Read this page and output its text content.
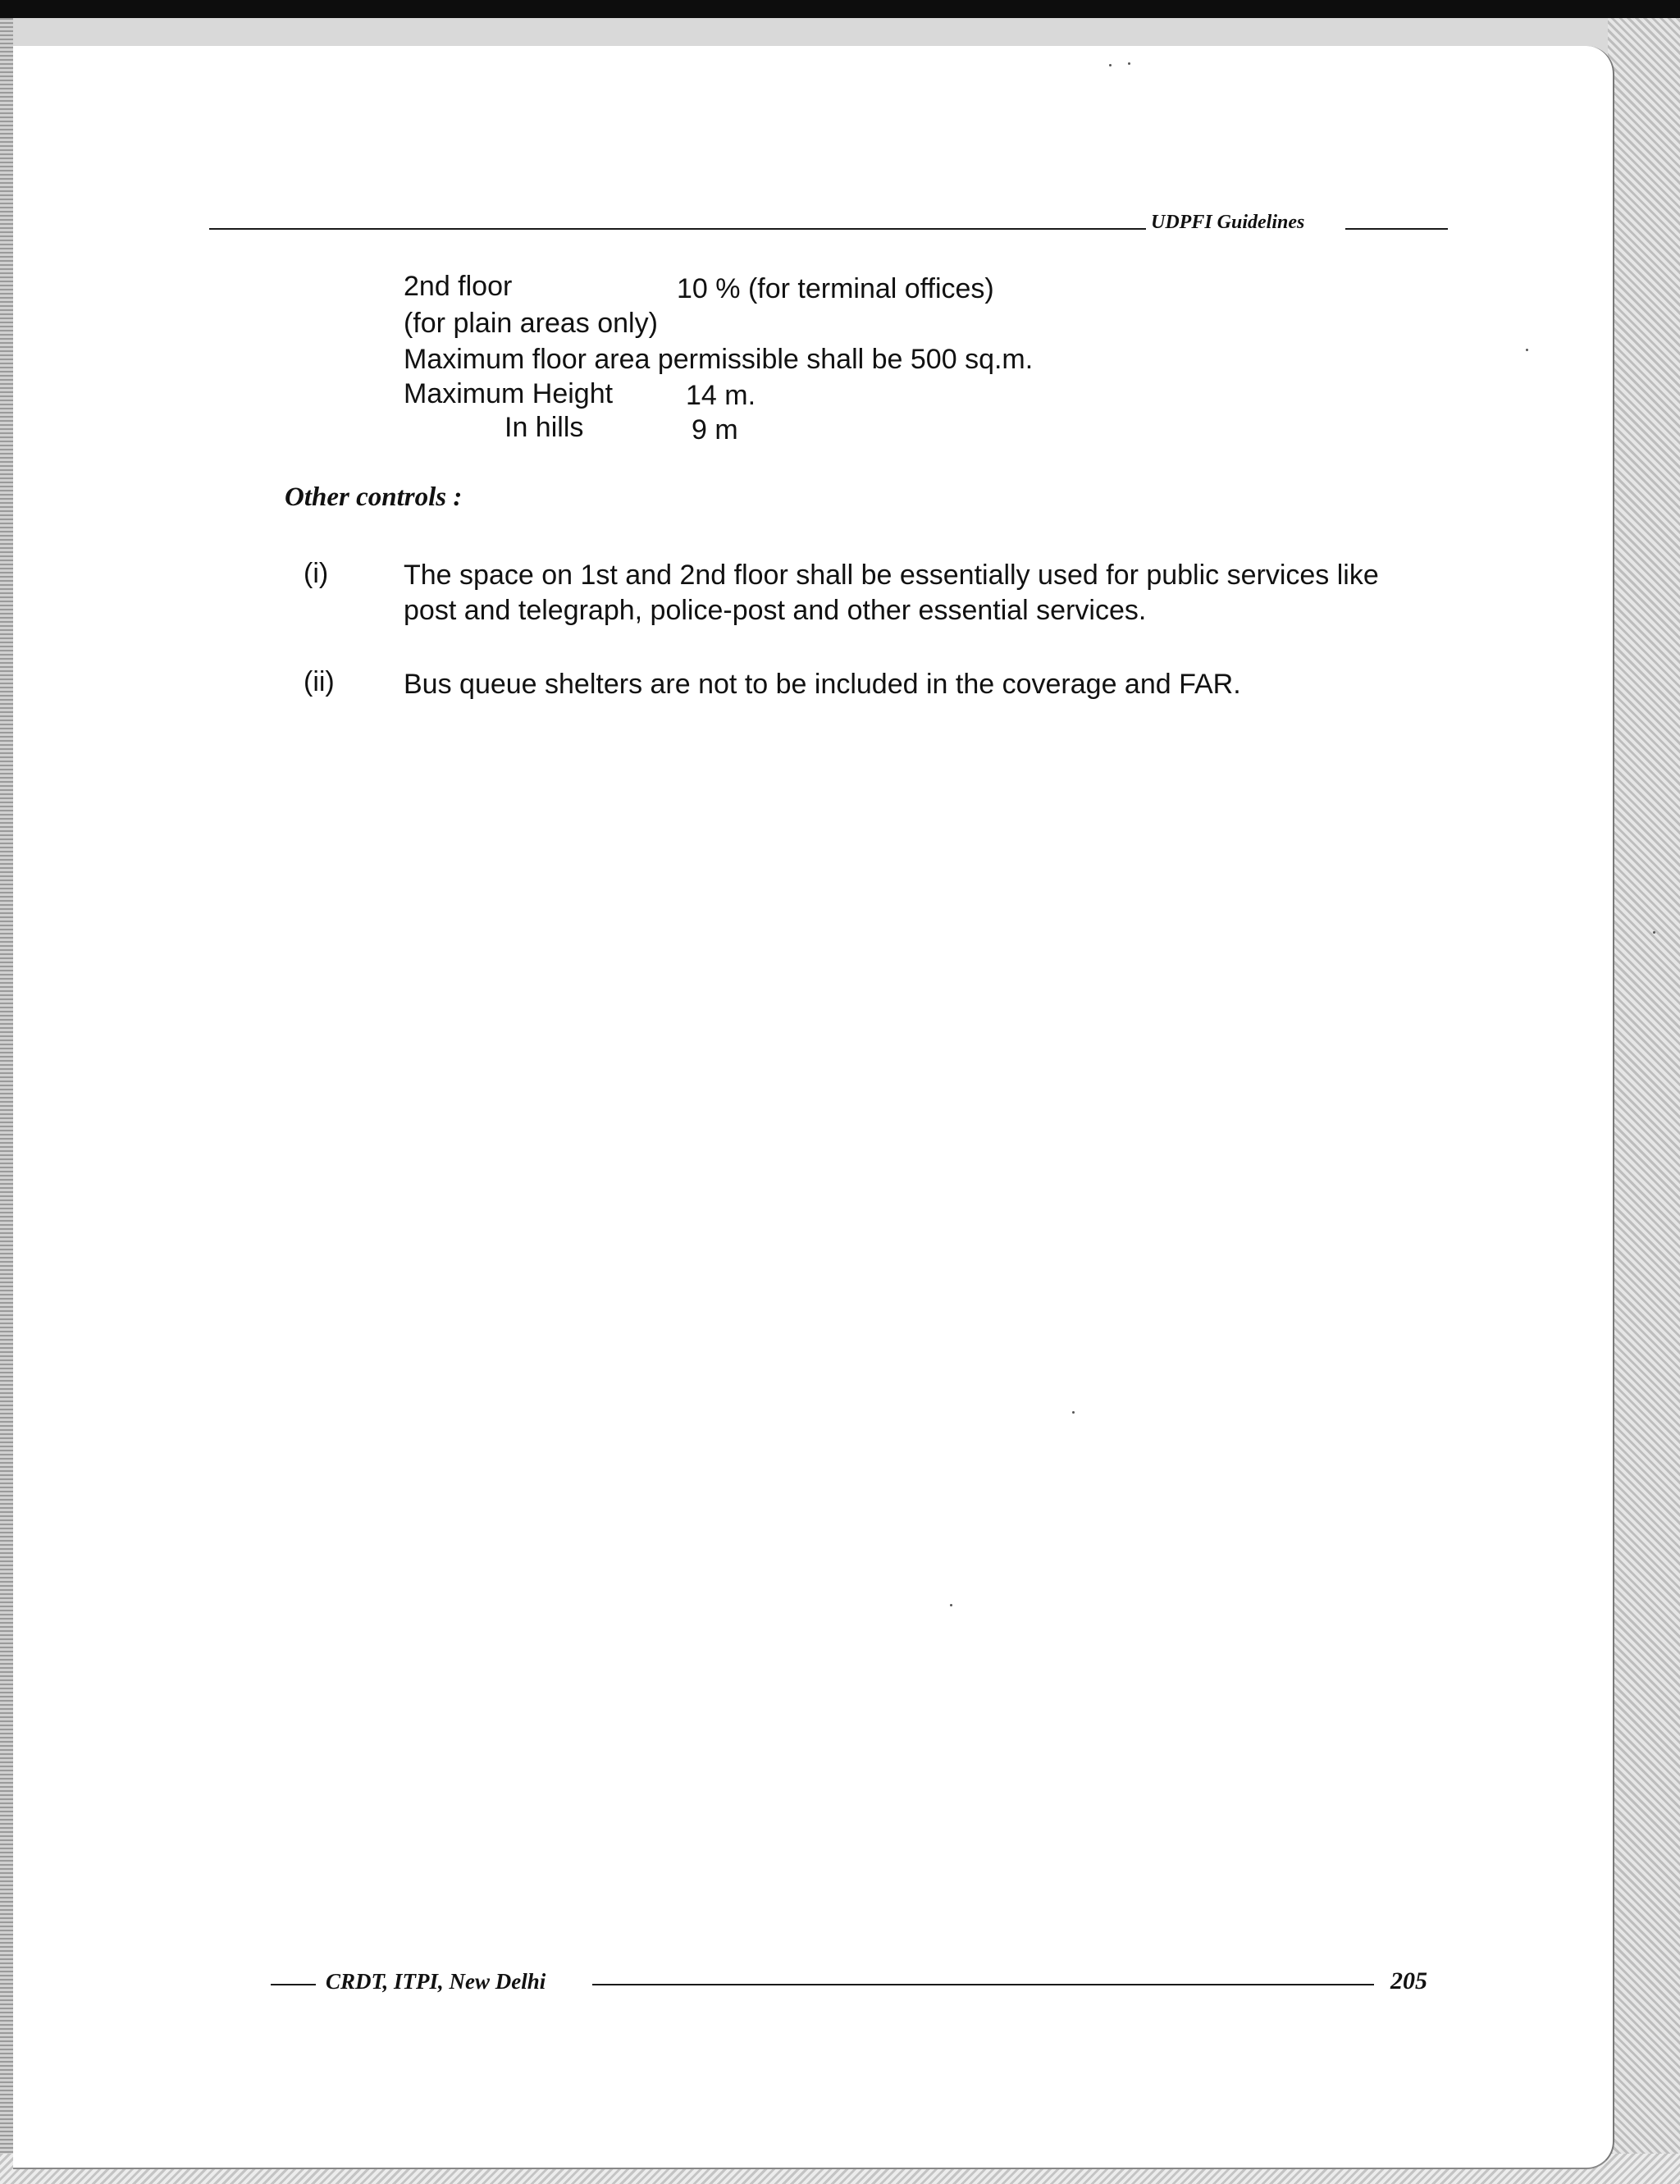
UDPFI Guidelines
2nd floor	10 % (for terminal offices)
(for plain areas only)
Maximum floor area permissible shall be 500 sq.m.
Maximum Height	14 m.
In hills	9 m
Other controls :
(i)	The space on 1st and 2nd floor shall be essentially used for public services like
post and telegraph, police-post and other essential services.
(ii) Bus queue shelters are not to be included in the coverage and FAR.
CRDT, ITPI, New Delhi	205
